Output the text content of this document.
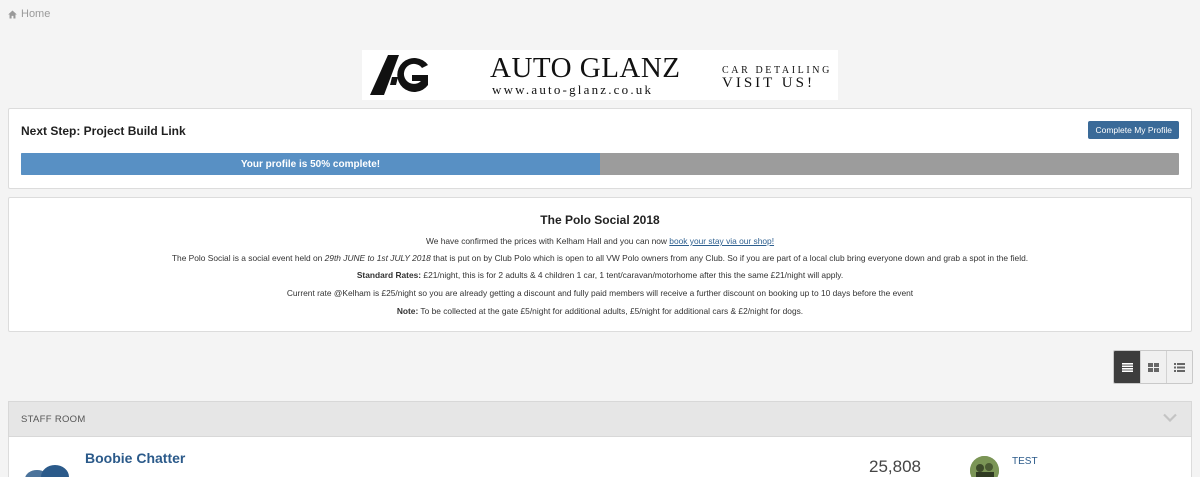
Home
AUTO GLANZ
www.auto-glanz.co.uk
CAR DETAILING
VISIT US!
Next Step: Project Build Link	Complete My Profile
Your profile is 50% complete!
The Polo Social 2018
We have confirmed the prices with Kelham Hall and you can now book your stay via our shop!
The Polo Social is a social event held on 29th JUNE to 1st JULY 2018 that is put on by Club Polo which is open to all VW Polo owners from any Club. So if you are part of a local club bring everyone down and grab a spot in the field.
Standard Rates: £21/night, this is for 2 adults & 4 children 1 car, 1 tent/caravan/motorhome after this the same £21/night will apply.
Current rate @Kelham is £25/night so you are already getting a discount and fully paid members will receive a further discount on booking up to 10 days before the event
Note: To be collected at the gate £5/night for additional adults, £5/night for additional cars & £2/night for dogs.
STAFF ROOM
Boobie Chatter	25,808	TEST
